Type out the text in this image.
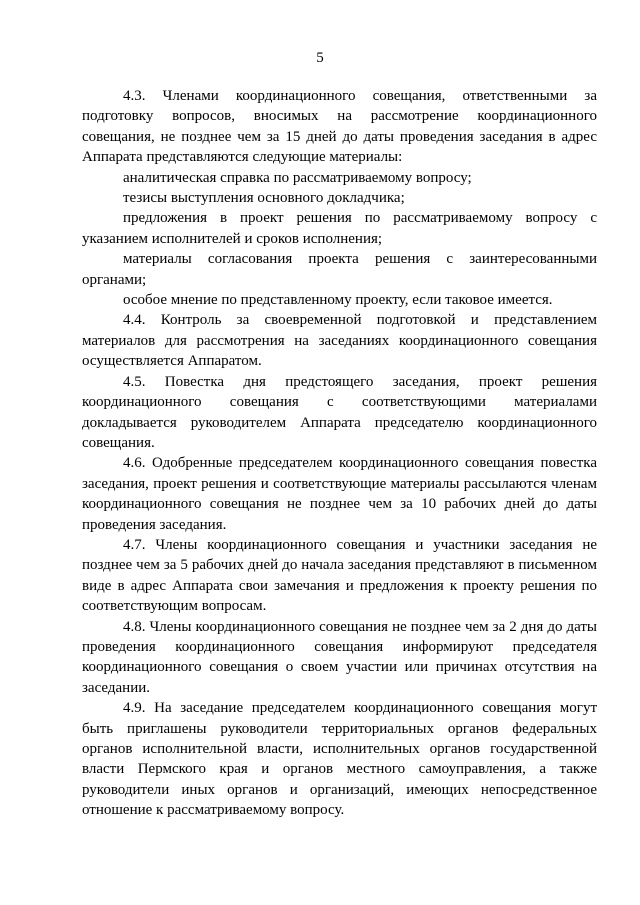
5

4.3. Членами координационного совещания, ответственными за подготовку вопросов, вносимых на рассмотрение координационного совещания, не позднее чем за 15 дней до даты проведения заседания в адрес Аппарата представляются следующие материалы:

аналитическая справка по рассматриваемому вопросу;

тезисы выступления основного докладчика;

предложения в проект решения по рассматриваемому вопросу с указанием исполнителей и сроков исполнения;

материалы согласования проекта решения с заинтересованными органами;

особое мнение по представленному проекту, если таковое имеется.

4.4. Контроль за своевременной подготовкой и представлением материалов для рассмотрения на заседаниях координационного совещания осуществляется Аппаратом.

4.5. Повестка дня предстоящего заседания, проект решения координационного совещания с соответствующими материалами докладывается руководителем Аппарата председателю координационного совещания.

4.6. Одобренные председателем координационного совещания повестка заседания, проект решения и соответствующие материалы рассылаются членам координационного совещания не позднее чем за 10 рабочих дней до даты проведения заседания.

4.7. Члены координационного совещания и участники заседания не позднее чем за 5 рабочих дней до начала заседания представляют в письменном виде в адрес Аппарата свои замечания и предложения к проекту решения по соответствующим вопросам.

4.8. Члены координационного совещания не позднее чем за 2 дня до даты проведения координационного совещания информируют председателя координационного совещания о своем участии или причинах отсутствия на заседании.

4.9. На заседание председателем координационного совещания могут быть приглашены руководители территориальных органов федеральных органов исполнительной власти, исполнительных органов государственной власти Пермского края и органов местного самоуправления, а также руководители иных органов и организаций, имеющих непосредственное отношение к рассматриваемому вопросу.
